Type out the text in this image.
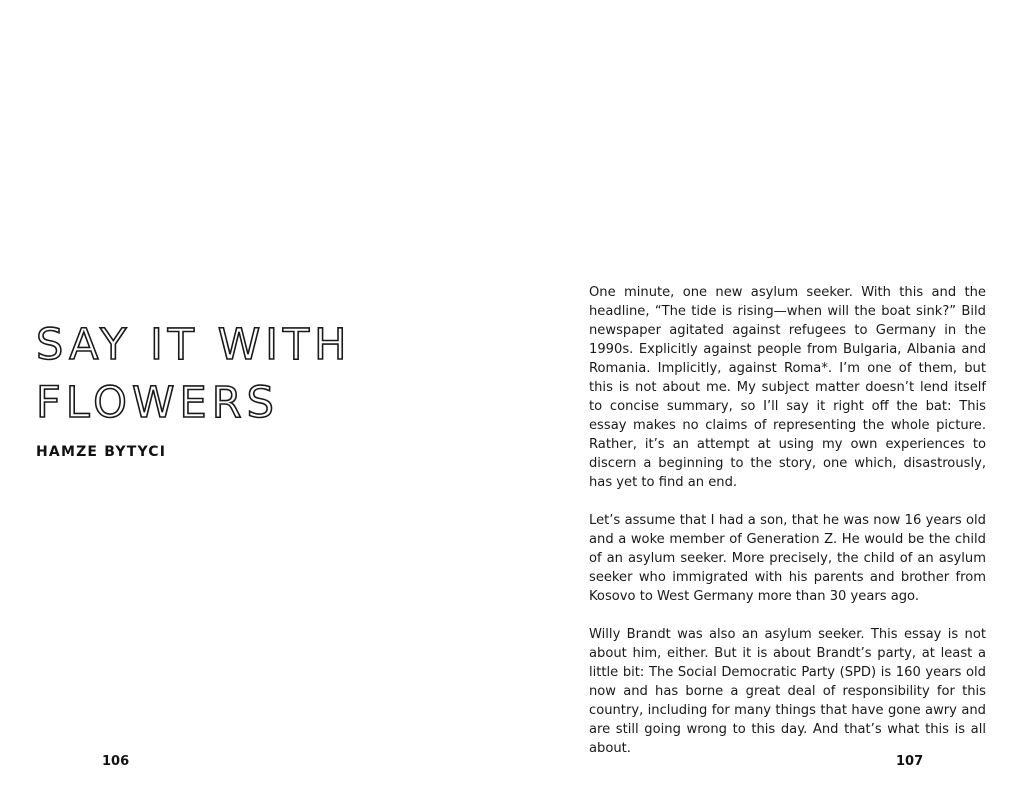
SAY IT WITH
FLOWERS
HAMZE BYTYCI
106

One minute, one new asylum seeker. With this and the headline, “The tide is rising—when will the boat sink?” Bild newspaper agitated against refugees to Germany in the 1990s. Explicitly against people from Bulgaria, Albania and Romania. Implicitly, against Roma*. I’m one of them, but this is not about me. My subject matter doesn’t lend itself to concise summary, so I’ll say it right off the bat: This essay makes no claims of representing the whole picture. Rather, it’s an attempt at using my own experiences to discern a beginning to the story, one which, disastrously, has yet to find an end.

Let’s assume that I had a son, that he was now 16 years old and a woke member of Generation Z. He would be the child of an asylum seeker. More precisely, the child of an asylum seeker who immigrated with his parents and brother from Kosovo to West Germany more than 30 years ago.

Willy Brandt was also an asylum seeker. This essay is not about him, either. But it is about Brandt’s party, at least a little bit: The Social Democratic Party (SPD) is 160 years old now and has borne a great deal of responsibility for this country, including for many things that have gone awry and are still going wrong to this day. And that’s what this is all about.

107
